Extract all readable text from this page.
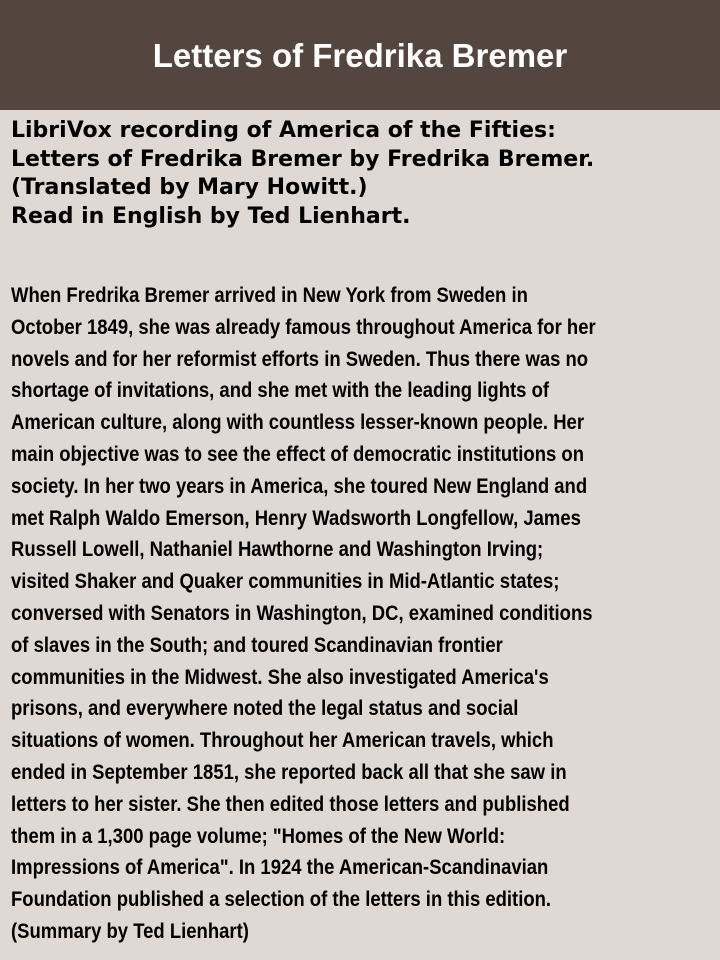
Letters of Fredrika Bremer
LibriVox recording of America of the Fifties:
Letters of Fredrika Bremer by Fredrika Bremer.
(Translated by Mary Howitt.)
Read in English by Ted Lienhart.
When Fredrika Bremer arrived in New York from Sweden in
October 1849, she was already famous throughout America for her
novels and for her reformist efforts in Sweden. Thus there was no
shortage of invitations, and she met with the leading lights of
American culture, along with countless lesser-known people. Her
main objective was to see the effect of democratic institutions on
society. In her two years in America, she toured New England and
met Ralph Waldo Emerson, Henry Wadsworth Longfellow, James
Russell Lowell, Nathaniel Hawthorne and Washington Irving;
visited Shaker and Quaker communities in Mid-Atlantic states;
conversed with Senators in Washington, DC, examined conditions
of slaves in the South; and toured Scandinavian frontier
communities in the Midwest. She also investigated America's
prisons, and everywhere noted the legal status and social
situations of women. Throughout her American travels, which
ended in September 1851, she reported back all that she saw in
letters to her sister. She then edited those letters and published
them in a 1,300 page volume; "Homes of the New World:
Impressions of America". In 1924 the American-Scandinavian
Foundation published a selection of the letters in this edition.
(Summary by Ted Lienhart)
